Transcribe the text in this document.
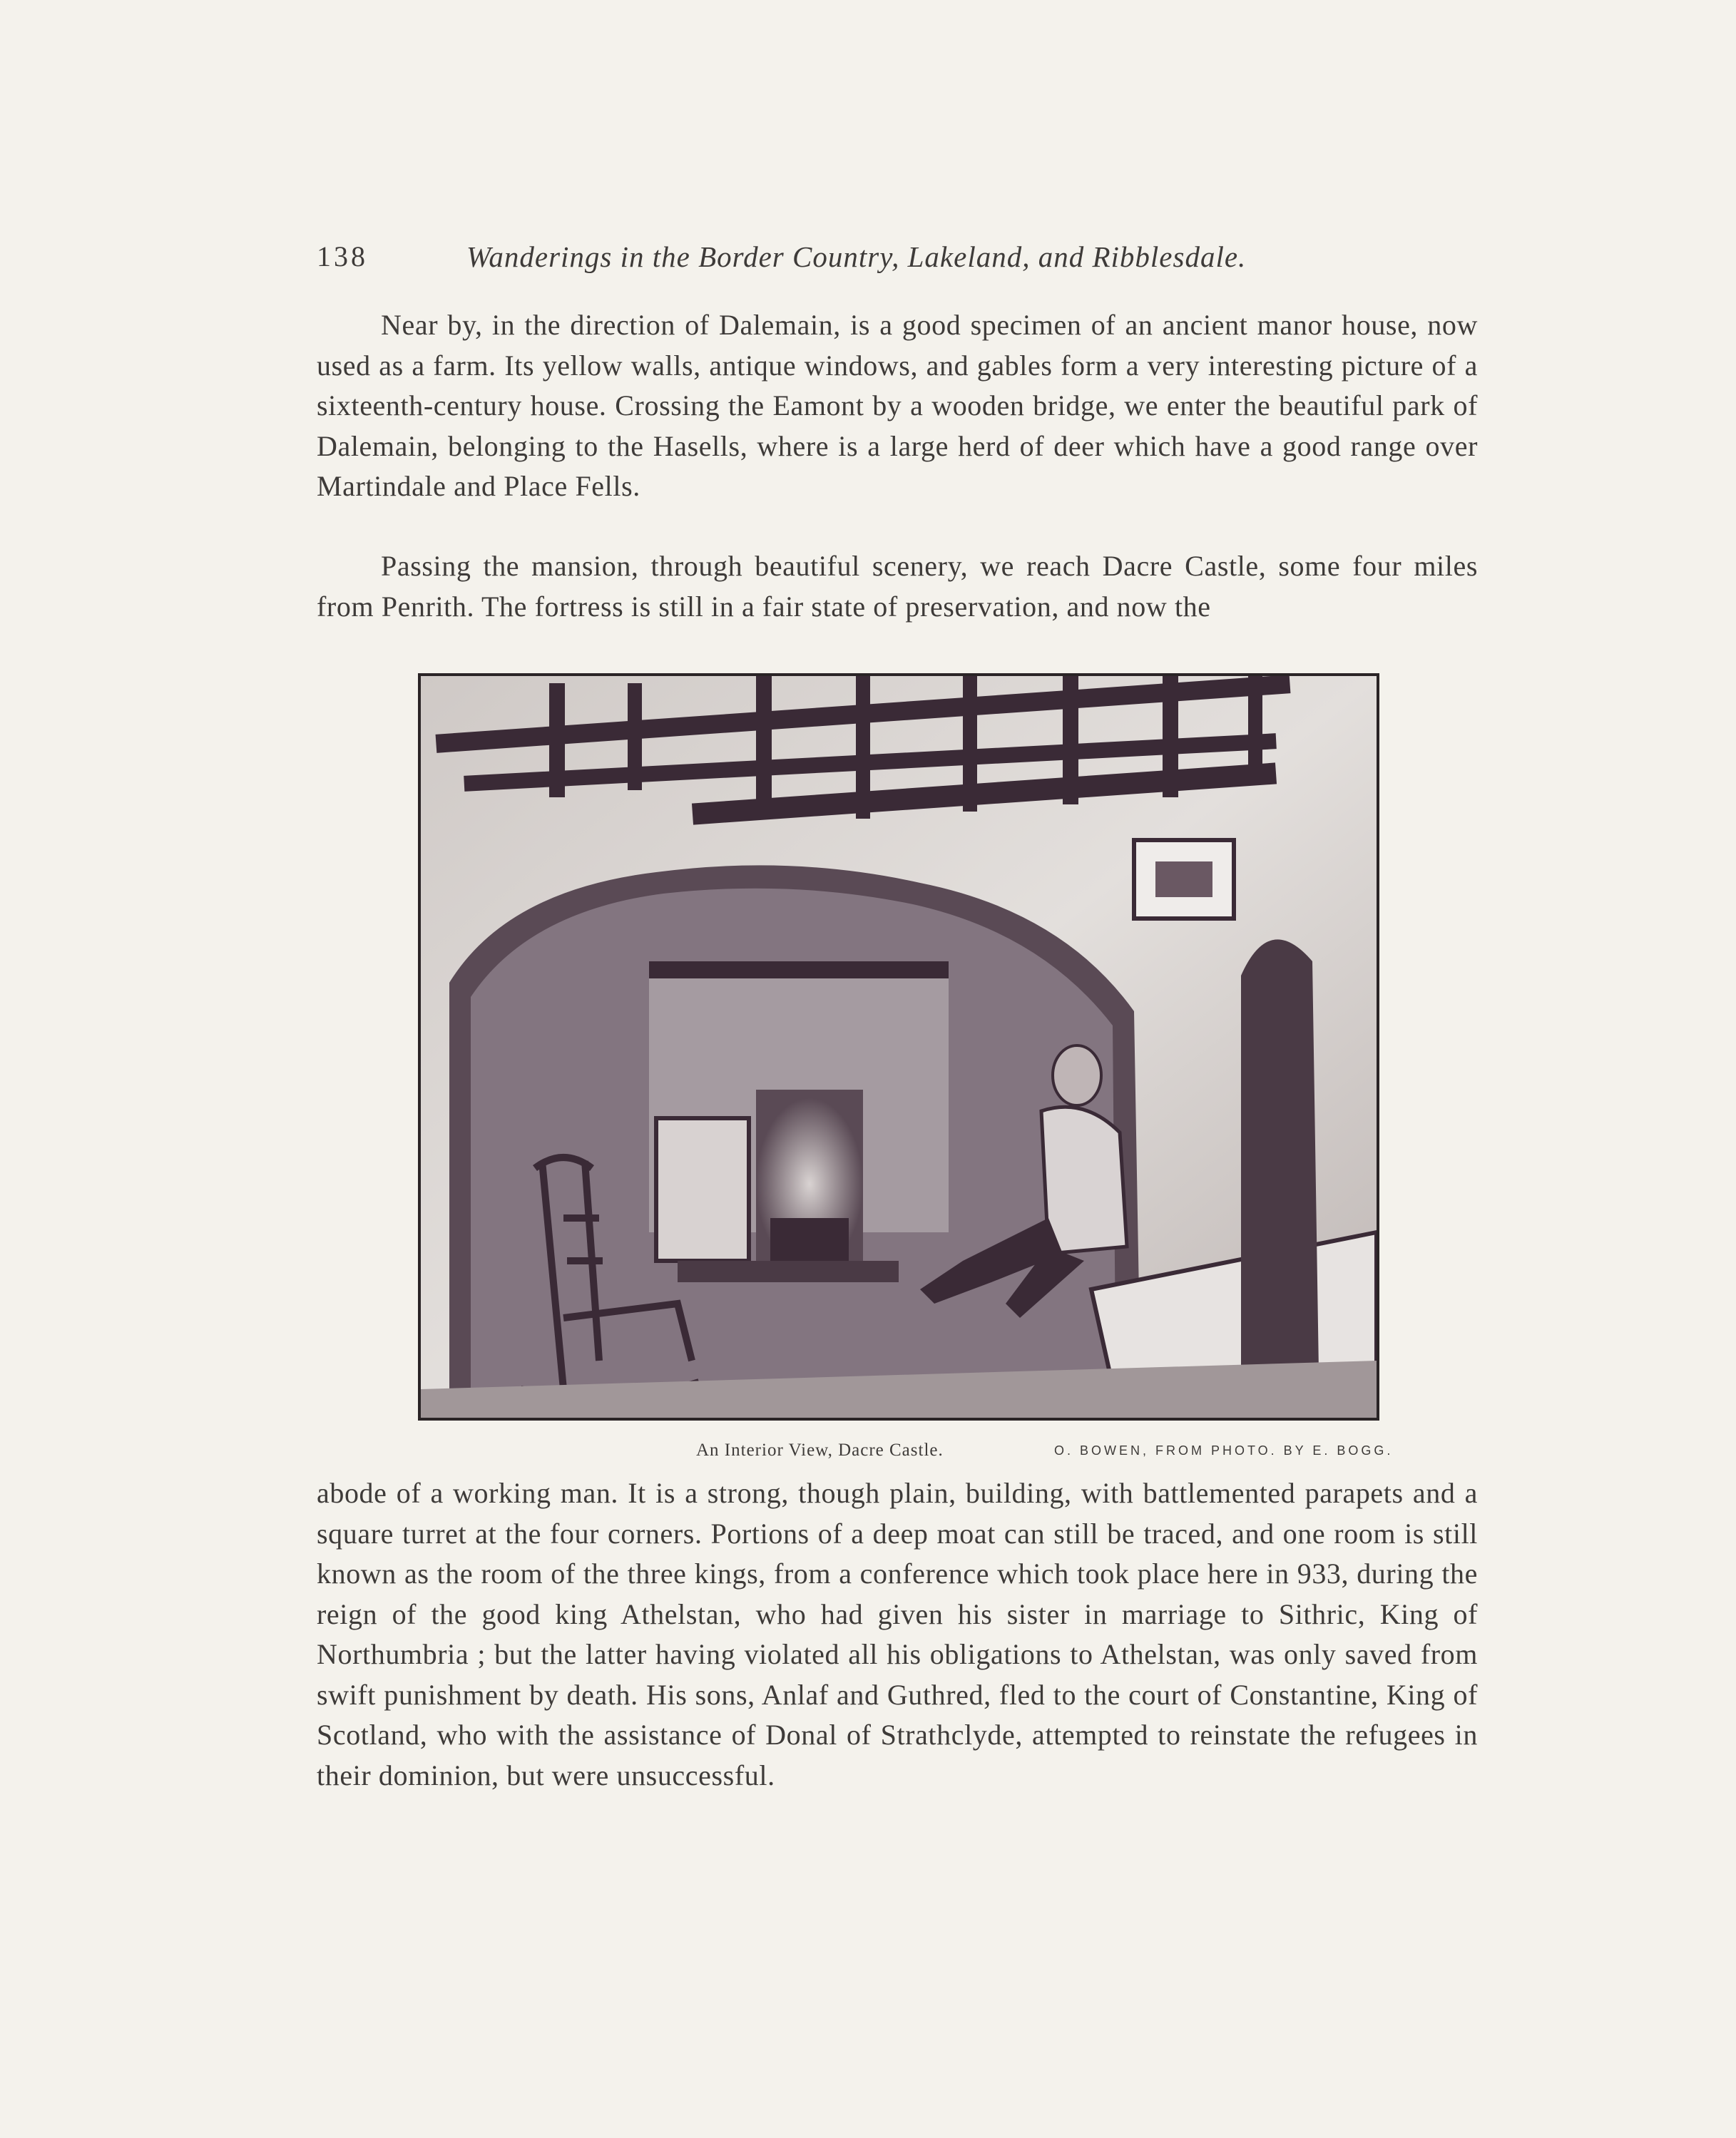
138	Wanderings in the Border Country, Lakeland, and Ribblesdale.

Near by, in the direction of Dalemain, is a good specimen of an ancient manor house, now used as a farm. Its yellow walls, antique windows, and gables form a very interesting picture of a sixteenth-century house. Crossing the Eamont by a wooden bridge, we enter the beautiful park of Dalemain, belonging to the Hasells, where is a large herd of deer which have a good range over Martindale and Place Fells.

Passing the mansion, through beautiful scenery, we reach Dacre Castle, some four miles from Penrith. The fortress is still in a fair state of preservation, and now the

An Interior View, Dacre Castle.	O. BOWEN, FROM PHOTO. BY E. BOGG.

abode of a working man. It is a strong, though plain, building, with battlemented parapets and a square turret at the four corners. Portions of a deep moat can still be traced, and one room is still known as the room of the three kings, from a conference which took place here in 933, during the reign of the good king Athelstan, who had given his sister in marriage to Sithric, King of Northumbria ; but the latter having violated all his obligations to Athelstan, was only saved from swift punishment by death. His sons, Anlaf and Guthred, fled to the court of Constantine, King of Scotland, who with the assistance of Donal of Strathclyde, attempted to reinstate the refugees in their dominion, but were unsuccessful.
